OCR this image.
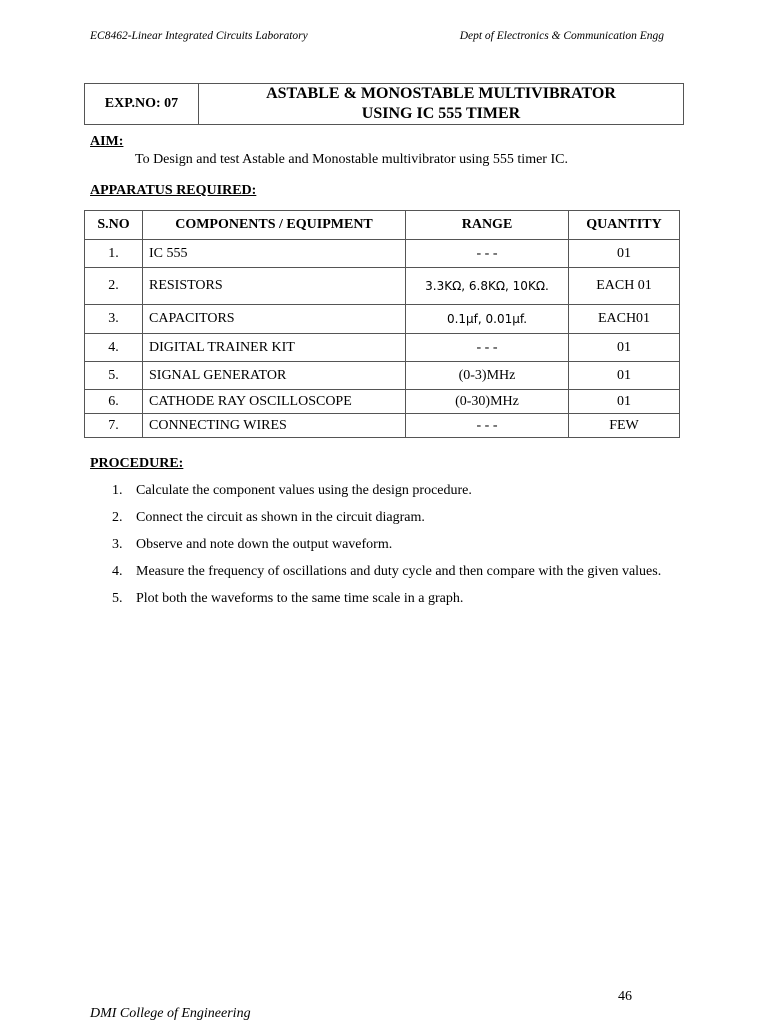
EC8462-Linear Integrated Circuits Laboratory	Dept of Electronics & Communication Engg
EXP.NO: 07
ASTABLE & MONOSTABLE MULTIVIBRATOR
USING IC 555 TIMER
AIM:
To Design and test Astable and Monostable multivibrator using 555 timer IC.
APPARATUS REQUIRED:
S.NO	COMPONENTS / EQUIPMENT	RANGE	QUANTITY
1.	IC 555	- - -	01
2.	RESISTORS	3.3KΩ, 6.8KΩ, 10KΩ.	EACH 01
3.	CAPACITORS	0.1μf, 0.01μf.	EACH01
4.	DIGITAL TRAINER KIT	- - -	01
5.	SIGNAL GENERATOR	(0-3)MHz	01
6.	CATHODE RAY OSCILLOSCOPE	(0-30)MHz	01
7.	CONNECTING WIRES	- - -	FEW
PROCEDURE:
1. Calculate the component values using the design procedure.
2. Connect the circuit as shown in the circuit diagram.
3. Observe and note down the output waveform.
4. Measure the frequency of oscillations and duty cycle and then compare with the given values.
5. Plot both the waveforms to the same time scale in a graph.
46
DMI College of Engineering
